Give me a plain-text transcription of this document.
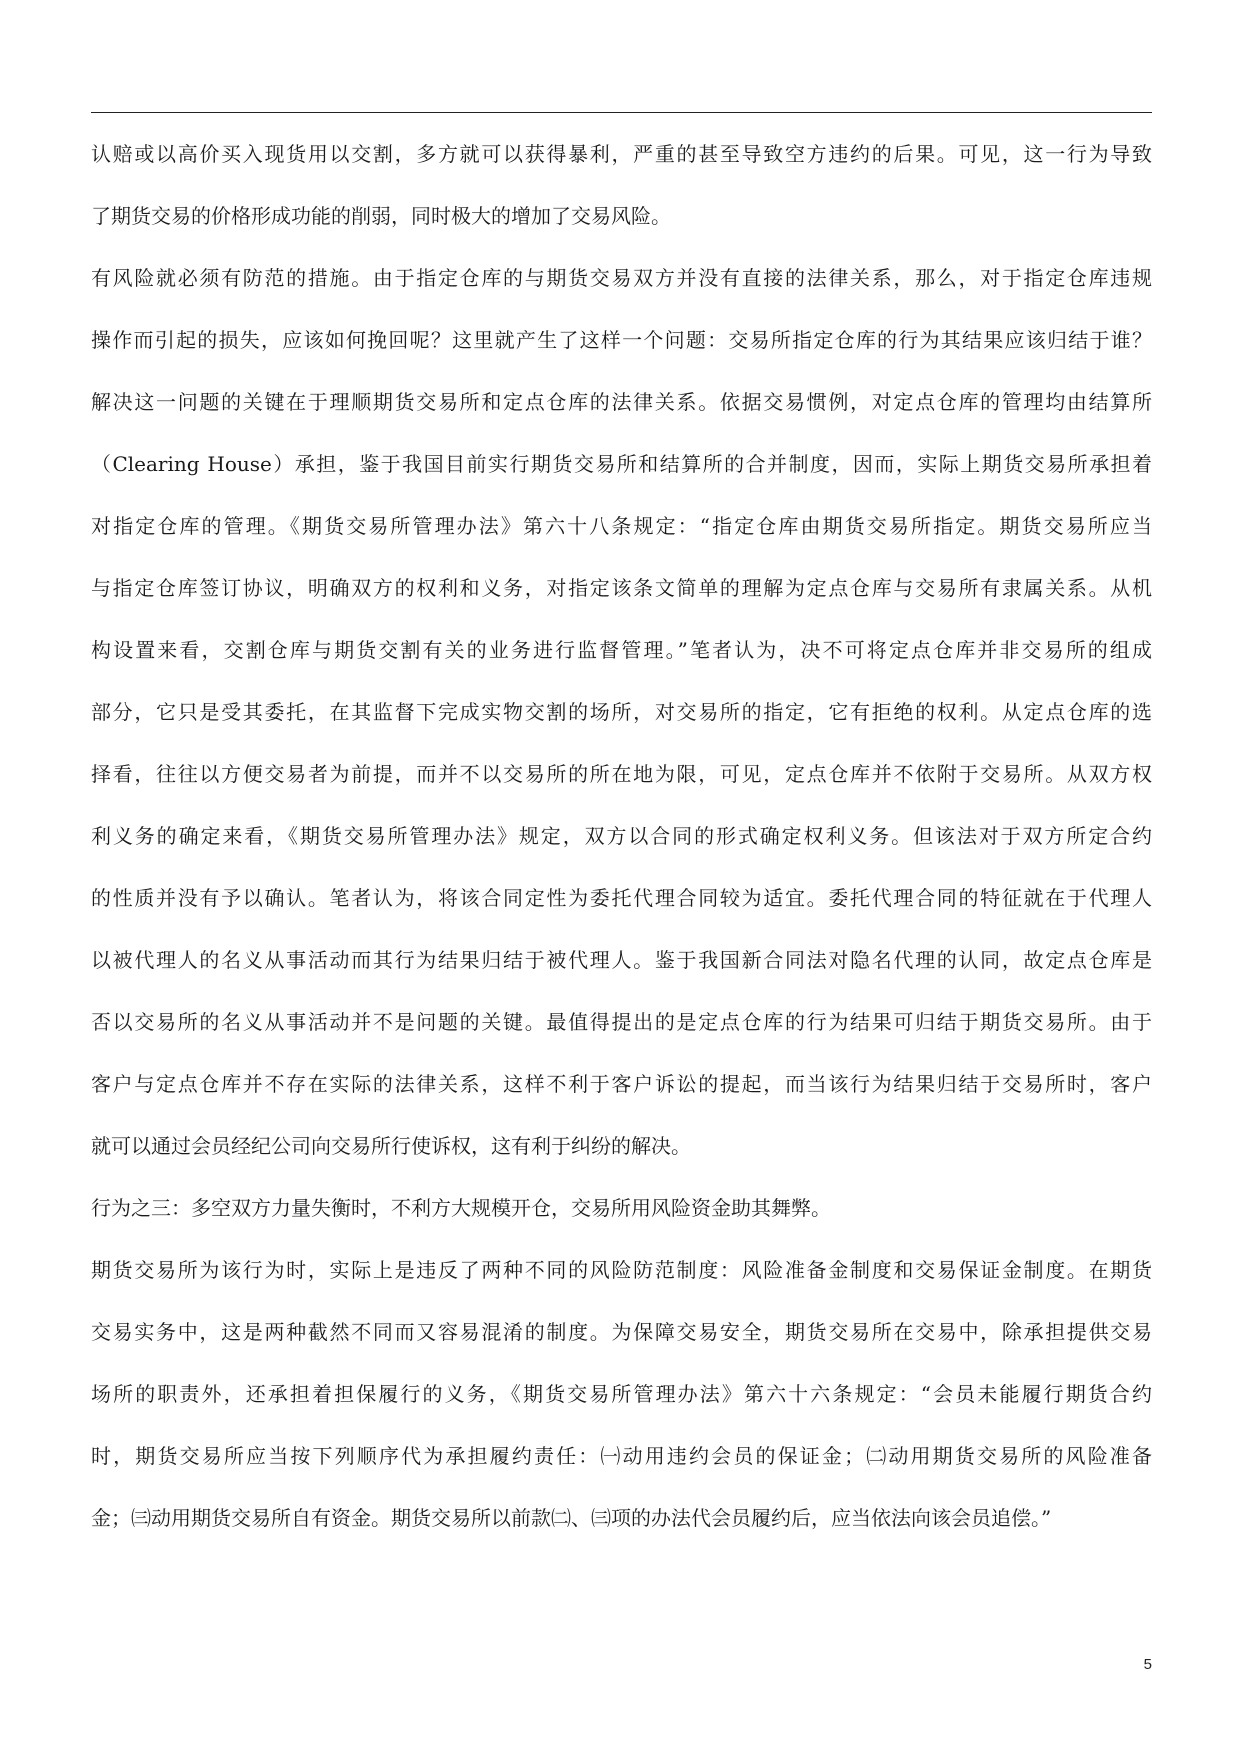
认赔或以高价买入现货用以交割，多方就可以获得暴利，严重的甚至导致空方违约的后果。可见，这一行为导致
了期货交易的价格形成功能的削弱，同时极大的增加了交易风险。
有风险就必须有防范的措施。由于指定仓库的与期货交易双方并没有直接的法律关系，那么，对于指定仓库违规
操作而引起的损失，应该如何挽回呢？这里就产生了这样一个问题：交易所指定仓库的行为其结果应该归结于谁？
解决这一问题的关键在于理顺期货交易所和定点仓库的法律关系。依据交易惯例，对定点仓库的管理均由结算所
（Clearing House）承担，鉴于我国目前实行期货交易所和结算所的合并制度，因而，实际上期货交易所承担着
对指定仓库的管理。《期货交易所管理办法》第六十八条规定：“指定仓库由期货交易所指定。期货交易所应当
与指定仓库签订协议，明确双方的权利和义务，对指定该条文简单的理解为定点仓库与交易所有隶属关系。从机
构设置来看，交割仓库与期货交割有关的业务进行监督管理。”笔者认为，决不可将定点仓库并非交易所的组成
部分，它只是受其委托，在其监督下完成实物交割的场所，对交易所的指定，它有拒绝的权利。从定点仓库的选
择看，往往以方便交易者为前提，而并不以交易所的所在地为限，可见，定点仓库并不依附于交易所。从双方权
利义务的确定来看，《期货交易所管理办法》规定，双方以合同的形式确定权利义务。但该法对于双方所定合约
的性质并没有予以确认。笔者认为，将该合同定性为委托代理合同较为适宜。委托代理合同的特征就在于代理人
以被代理人的名义从事活动而其行为结果归结于被代理人。鉴于我国新合同法对隐名代理的认同，故定点仓库是
否以交易所的名义从事活动并不是问题的关键。最值得提出的是定点仓库的行为结果可归结于期货交易所。由于
客户与定点仓库并不存在实际的法律关系，这样不利于客户诉讼的提起，而当该行为结果归结于交易所时，客户
就可以通过会员经纪公司向交易所行使诉权，这有利于纠纷的解决。
行为之三：多空双方力量失衡时，不利方大规模开仓，交易所用风险资金助其舞弊。
期货交易所为该行为时，实际上是违反了两种不同的风险防范制度：风险准备金制度和交易保证金制度。在期货
交易实务中，这是两种截然不同而又容易混淆的制度。为保障交易安全，期货交易所在交易中，除承担提供交易
场所的职责外，还承担着担保履行的义务，《期货交易所管理办法》第六十六条规定：“会员未能履行期货合约
时，期货交易所应当按下列顺序代为承担履约责任：㈠动用违约会员的保证金；㈡动用期货交易所的风险准备
金；㈢动用期货交易所自有资金。期货交易所以前款㈡、㈢项的办法代会员履约后，应当依法向该会员追偿。”
5
